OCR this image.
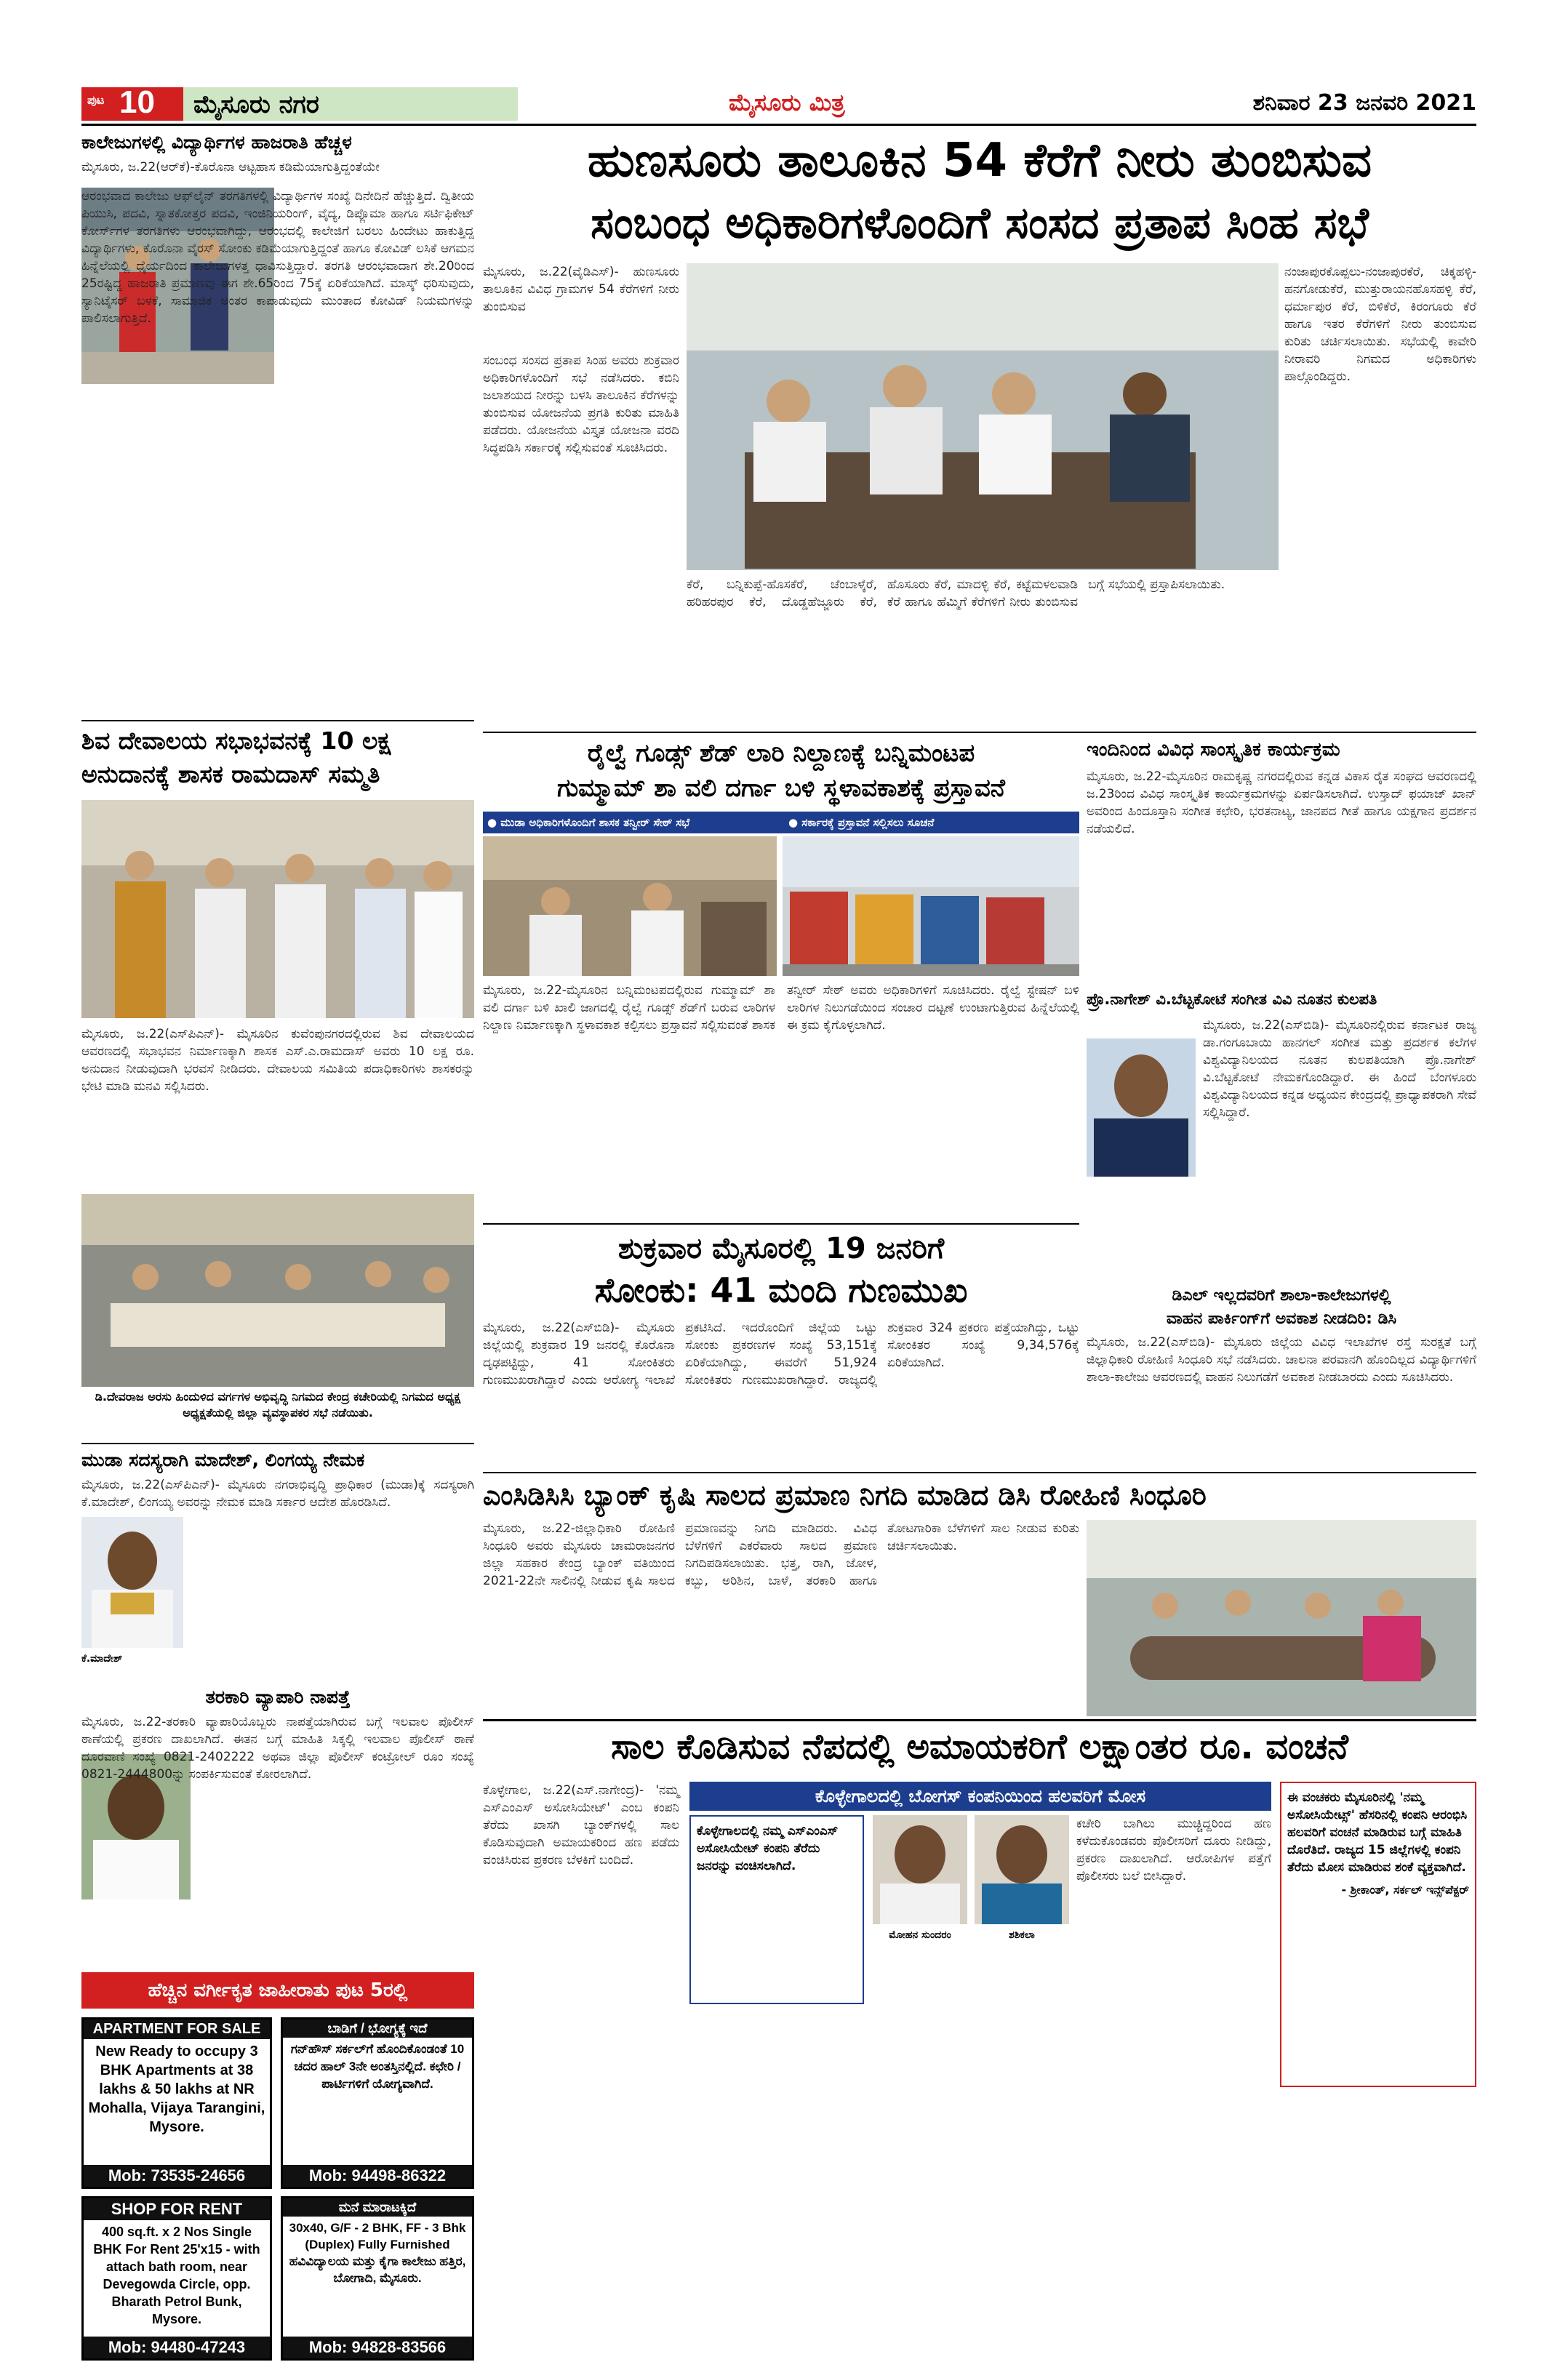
ಪುಟ 10 ಮೈಸೂರು ನಗರ	ಮೈಸೂರು ಮಿತ್ರ	ಶನಿವಾರ 23 ಜನವರಿ 2021
ಕಾಲೇಜುಗಳಲ್ಲಿ ವಿದ್ಯಾರ್ಥಿಗಳ ಹಾಜರಾತಿ ಹೆಚ್ಚಳ
ಮೈಸೂರು, ಜ.22(ಆರ್‌ಕೆ)-ಕೊರೊನಾ ಆಟ್ಟಹಾಸ ಕಡಿಮೆಯಾಗುತ್ತಿದ್ದಂತೆಯೇ
ಆರಂಭವಾದ ಕಾಲೇಜು ಆಫ್‌ಲೈನ್ ತರಗತಿಗಳಲ್ಲಿ ವಿದ್ಯಾರ್ಥಿಗಳ ಸಂಖ್ಯೆ ದಿನೇದಿನೆ ಹೆಚ್ಚುತ್ತಿದೆ. ದ್ವಿತೀಯ ಪಿಯುಸಿ, ಪದವಿ, ಸ್ನಾತಕೋತ್ತರ ಪದವಿ, ಇಂಜಿನಿಯರಿಂಗ್, ವೈದ್ಯ, ಡಿಪ್ಲೊಮಾ ಹಾಗೂ ಸರ್ಟಿಫಿಕೇಟ್ ಕೋರ್ಸ್‌ಗಳ ತರಗತಿಗಳು ಆರಂಭವಾಗಿದ್ದು, ಆರಂಭದಲ್ಲಿ ಕಾಲೇಜಿಗೆ ಬರಲು ಹಿಂದೇಟು ಹಾಕುತ್ತಿದ್ದ ವಿದ್ಯಾರ್ಥಿಗಳು, ಕೊರೊನಾ ವೈರಸ್ ಸೋಂಕು ಕಡಿಮೆಯಾಗುತ್ತಿದ್ದಂತೆ ಹಾಗೂ ಕೋವಿಡ್ ಲಸಿಕೆ ಆಗಮನ ಹಿನ್ನೆಲೆಯಲ್ಲಿ ಧೈರ್ಯದಿಂದ ಕಾಲೇಜುಗಳತ್ತ ಧಾವಿಸುತ್ತಿದ್ದಾರೆ. ತರಗತಿ ಆರಂಭವಾದಾಗ ಶೇ.20ರಿಂದ 25ರಷ್ಟಿದ್ದ ಹಾಜರಾತಿ ಪ್ರಮಾಣವು ಈಗ ಶೇ.65ರಿಂದ 75ಕ್ಕೆ ಏರಿಕೆಯಾಗಿದೆ. ಮಾಸ್ಕ್ ಧರಿಸುವುದು, ಸ್ಯಾನಿಟೈಸರ್ ಬಳಕೆ, ಸಾಮಾಜಿಕ ಅಂತರ ಕಾಪಾಡುವುದು ಮುಂತಾದ ಕೋವಿಡ್ ನಿಯಮಗಳನ್ನು ಪಾಲಿಸಲಾಗುತ್ತಿದೆ.
ಶಿವ ದೇವಾಲಯ ಸಭಾಭವನಕ್ಕೆ 10 ಲಕ್ಷ
ಅನುದಾನಕ್ಕೆ ಶಾಸಕ ರಾಮದಾಸ್ ಸಮ್ಮತಿ
ಮೈಸೂರು, ಜ.22(ಎಸ್‌ಪಿಎನ್)- ಮೈಸೂರಿನ ಕುವೆಂಪುನಗರದಲ್ಲಿರುವ ಶಿವ ದೇವಾಲಯದ ಆವರಣದಲ್ಲಿ ಸಭಾಭವನ ನಿರ್ಮಾಣಕ್ಕಾಗಿ ಶಾಸಕ ಎಸ್.ಎ.ರಾಮದಾಸ್ ಅವರು 10 ಲಕ್ಷ ರೂ. ಅನುದಾನ ನೀಡುವುದಾಗಿ ಭರವಸೆ ನೀಡಿದರು. ದೇವಾಲಯ ಸಮಿತಿಯ ಪದಾಧಿಕಾರಿಗಳು ಶಾಸಕರನ್ನು ಭೇಟಿ ಮಾಡಿ ಮನವಿ ಸಲ್ಲಿಸಿದರು.
ಡಿ.ದೇವರಾಜ ಅರಸು ಹಿಂದುಳಿದ ವರ್ಗಗಳ ಅಭಿವೃದ್ಧಿ ನಿಗಮದ ಕೇಂದ್ರ ಕಚೇರಿಯಲ್ಲಿ ನಿಗಮದ ಅಧ್ಯಕ್ಷ ಅಧ್ಯಕ್ಷತೆಯಲ್ಲಿ ಜಿಲ್ಲಾ ವ್ಯವಸ್ಥಾಪಕರ ಸಭೆ ನಡೆಯಿತು.
ಮುಡಾ ಸದಸ್ಯರಾಗಿ ಮಾದೇಶ್, ಲಿಂಗಯ್ಯ ನೇಮಕ
ಕೆ.ಮಾದೇಶ್
ಮೈಸೂರು, ಜ.22(ಎಸ್‌ಪಿಎನ್)- ಮೈಸೂರು ನಗರಾಭಿವೃದ್ಧಿ ಪ್ರಾಧಿಕಾರ (ಮುಡಾ)ಕ್ಕೆ ಸದಸ್ಯರಾಗಿ ಕೆ.ಮಾದೇಶ್, ಲಿಂಗಯ್ಯ ಅವರನ್ನು ನೇಮಕ ಮಾಡಿ ಸರ್ಕಾರ ಆದೇಶ ಹೊರಡಿಸಿದೆ.
ತರಕಾರಿ ವ್ಯಾಪಾರಿ ನಾಪತ್ತೆ
ಮೈಸೂರು, ಜ.22-ತರಕಾರಿ ವ್ಯಾಪಾರಿಯೊಬ್ಬರು ನಾಪತ್ತೆಯಾಗಿರುವ ಬಗ್ಗೆ ಇಲವಾಲ ಪೊಲೀಸ್ ಠಾಣೆಯಲ್ಲಿ ಪ್ರಕರಣ ದಾಖಲಾಗಿದೆ. ಈತನ ಬಗ್ಗೆ ಮಾಹಿತಿ ಸಿಕ್ಕಲ್ಲಿ ಇಲವಾಲ ಪೊಲೀಸ್ ಠಾಣೆ ದೂರವಾಣಿ ಸಂಖ್ಯೆ 0821-2402222 ಅಥವಾ ಜಿಲ್ಲಾ ಪೊಲೀಸ್ ಕಂಟ್ರೋಲ್ ರೂಂ ಸಂಖ್ಯೆ 0821-2444800ನ್ನು ಸಂಪರ್ಕಿಸುವಂತೆ ಕೋರಲಾಗಿದೆ.
ಹೆಚ್ಚಿನ ವರ್ಗೀಕೃತ ಜಾಹೀರಾತು ಪುಟ 5ರಲ್ಲಿ
APARTMENT FOR SALE
New Ready to occupy 3 BHK Apartments at 38 lakhs & 50 lakhs at NR Mohalla, Vijaya Tarangini, Mysore.
Mob: 73535-24656
ಬಾಡಿಗೆ / ಭೋಗ್ಯಕ್ಕೆ ಇದೆ
ಗನ್‌ಹೌಸ್ ಸರ್ಕಲ್‌ಗೆ ಹೊಂದಿಕೊಂಡಂತೆ 10 ಚದರ ಹಾಲ್ 3ನೇ ಅಂತಸ್ತಿನಲ್ಲಿದೆ. ಕಛೇರಿ / ಪಾರ್ಟಿಗಳಿಗೆ ಯೋಗ್ಯವಾಗಿದೆ.
Mob: 94498-86322
SHOP FOR RENT
400 sq.ft. x 2 Nos Single BHK For Rent 25'x15 - with attach bath room, near Devegowda Circle, opp. Bharath Petrol Bunk, Mysore.
Mob: 94480-47243
ಮನೆ ಮಾರಾಟಕ್ಕಿದೆ
30x40, G/F - 2 BHK, FF - 3 Bhk (Duplex) Fully Furnished ಹವಿವಿದ್ಯಾಲಯ ಮತ್ತು ಕೈಗಾ ಕಾಲೇಜು ಹತ್ತಿರ, ಬೋಗಾದಿ, ಮೈಸೂರು.
Mob: 94828-83566
ಹುಣಸೂರು ತಾಲೂಕಿನ 54 ಕೆರೆಗೆ ನೀರು ತುಂಬಿಸುವ
ಸಂಬಂಧ ಅಧಿಕಾರಿಗಳೊಂದಿಗೆ ಸಂಸದ ಪ್ರತಾಪ ಸಿಂಹ ಸಭೆ
ಮೈಸೂರು, ಜ.22(ವೈಡಿಎಸ್)- ಹುಣಸೂರು ತಾಲೂಕಿನ ವಿವಿಧ ಗ್ರಾಮಗಳ 54 ಕೆರೆಗಳಿಗೆ ನೀರು ತುಂಬಿಸುವ
ಸಂಬಂಧ ಸಂಸದ ಪ್ರತಾಪ ಸಿಂಹ ಅವರು ಶುಕ್ರವಾರ ಅಧಿಕಾರಿಗಳೊಂದಿಗೆ ಸಭೆ ನಡೆಸಿದರು. ಕಬಿನಿ ಜಲಾಶಯದ ನೀರನ್ನು ಬಳಸಿ ತಾಲೂಕಿನ ಕೆರೆಗಳನ್ನು ತುಂಬಿಸುವ ಯೋಜನೆಯ ಪ್ರಗತಿ ಕುರಿತು ಮಾಹಿತಿ ಪಡೆದರು. ಯೋಜನೆಯ ವಿಸ್ತೃತ ಯೋಜನಾ ವರದಿ ಸಿದ್ಧಪಡಿಸಿ ಸರ್ಕಾರಕ್ಕೆ ಸಲ್ಲಿಸುವಂತೆ ಸೂಚಿಸಿದರು.
ಕೆರೆ, ಬನ್ನಿಕುಪ್ಪೆ-ಹೊಸಕೆರೆ, ಚೆಂಬಾಳ್ಕೆರೆ, ಹರಿಹರಪುರ ಕೆರೆ, ದೊಡ್ಡಹೆಜ್ಜೂರು ಕೆರೆ, ಹೊಸೂರು ಕೆರೆ, ಮಾದಳ್ಳಿ ಕೆರೆ, ಕಟ್ಟೆಮಳಲವಾಡಿ ಕೆರೆ ಹಾಗೂ ಹೆಮ್ಮಿಗೆ ಕೆರೆಗಳಿಗೆ ನೀರು ತುಂಬಿಸುವ ಬಗ್ಗೆ ಸಭೆಯಲ್ಲಿ ಪ್ರಸ್ತಾಪಿಸಲಾಯಿತು.
ನಂಜಾಪುರಕೊಪ್ಪಲು-ನಂಜಾಪುರಕೆರೆ, ಚಿಕ್ಕಹಳ್ಳಿ-ಹನಗೋಡುಕೆರೆ, ಮುತ್ತುರಾಯನಹೊಸಹಳ್ಳಿ ಕೆರೆ, ಧರ್ಮಾಪುರ ಕೆರೆ, ಬಿಳಿಕೆರೆ, ಕಿರಂಗೂರು ಕೆರೆ ಹಾಗೂ ಇತರ ಕೆರೆಗಳಿಗೆ ನೀರು ತುಂಬಿಸುವ ಕುರಿತು ಚರ್ಚಿಸಲಾಯಿತು. ಸಭೆಯಲ್ಲಿ ಕಾವೇರಿ ನೀರಾವರಿ ನಿಗಮದ ಅಧಿಕಾರಿಗಳು ಪಾಲ್ಗೊಂಡಿದ್ದರು.
ರೈಲ್ವೆ ಗೂಡ್ಸ್ ಶೆಡ್ ಲಾರಿ ನಿಲ್ದಾಣಕ್ಕೆ ಬನ್ನಿಮಂಟಪ
ಗುಮ್ಮಾಮ್ ಶಾ ವಲಿ ದರ್ಗಾ ಬಳಿ ಸ್ಥಳಾವಕಾಶಕ್ಕೆ ಪ್ರಸ್ತಾವನೆ
● ಮುಡಾ ಅಧಿಕಾರಿಗಳೊಂದಿಗೆ ಶಾಸಕ ತನ್ವೀರ್ ಸೇಠ್ ಸಭೆ	● ಸರ್ಕಾರಕ್ಕೆ ಪ್ರಸ್ತಾವನೆ ಸಲ್ಲಿಸಲು ಸೂಚನೆ
ಮೈಸೂರು, ಜ.22-ಮೈಸೂರಿನ ಬನ್ನಿಮಂಟಪದಲ್ಲಿರುವ ಗುಮ್ಮಾಮ್ ಶಾ ವಲಿ ದರ್ಗಾ ಬಳಿ ಖಾಲಿ ಜಾಗದಲ್ಲಿ ರೈಲ್ವೆ ಗೂಡ್ಸ್ ಶೆಡ್‌ಗೆ ಬರುವ ಲಾರಿಗಳ ನಿಲ್ದಾಣ ನಿರ್ಮಾಣಕ್ಕಾಗಿ ಸ್ಥಳಾವಕಾಶ ಕಲ್ಪಿಸಲು ಪ್ರಸ್ತಾವನೆ ಸಲ್ಲಿಸುವಂತೆ ಶಾಸಕ ತನ್ವೀರ್ ಸೇಠ್ ಅವರು ಅಧಿಕಾರಿಗಳಿಗೆ ಸೂಚಿಸಿದರು. ರೈಲ್ವೆ ಸ್ಟೇಷನ್ ಬಳಿ ಲಾರಿಗಳ ನಿಲುಗಡೆಯಿಂದ ಸಂಚಾರ ದಟ್ಟಣೆ ಉಂಟಾಗುತ್ತಿರುವ ಹಿನ್ನೆಲೆಯಲ್ಲಿ ಈ ಕ್ರಮ ಕೈಗೊಳ್ಳಲಾಗಿದೆ.
ಶುಕ್ರವಾರ ಮೈಸೂರಲ್ಲಿ 19 ಜನರಿಗೆ
ಸೋಂಕು: 41 ಮಂದಿ ಗುಣಮುಖ
ಮೈಸೂರು, ಜ.22(ಎಸ್‌ಬಿಡಿ)- ಮೈಸೂರು ಜಿಲ್ಲೆಯಲ್ಲಿ ಶುಕ್ರವಾರ 19 ಜನರಲ್ಲಿ ಕೊರೊನಾ ದೃಢಪಟ್ಟಿದ್ದು, 41 ಸೋಂಕಿತರು ಗುಣಮುಖರಾಗಿದ್ದಾರೆ ಎಂದು ಆರೋಗ್ಯ ಇಲಾಖೆ ಪ್ರಕಟಿಸಿದೆ. ಇದರೊಂದಿಗೆ ಜಿಲ್ಲೆಯ ಒಟ್ಟು ಸೋಂಕು ಪ್ರಕರಣಗಳ ಸಂಖ್ಯೆ 53,151ಕ್ಕೆ ಏರಿಕೆಯಾಗಿದ್ದು, ಈವರೆಗೆ 51,924 ಸೋಂಕಿತರು ಗುಣಮುಖರಾಗಿದ್ದಾರೆ. ರಾಜ್ಯದಲ್ಲಿ ಶುಕ್ರವಾರ 324 ಪ್ರಕರಣ ಪತ್ತೆಯಾಗಿದ್ದು, ಒಟ್ಟು ಸೋಂಕಿತರ ಸಂಖ್ಯೆ 9,34,576ಕ್ಕೆ ಏರಿಕೆಯಾಗಿದೆ.
ಇಂದಿನಿಂದ ವಿವಿಧ ಸಾಂಸ್ಕೃತಿಕ ಕಾರ್ಯಕ್ರಮ
ಮೈಸೂರು, ಜ.22-ಮೈಸೂರಿನ ರಾಮಕೃಷ್ಣ ನಗರದಲ್ಲಿರುವ ಕನ್ನಡ ವಿಕಾಸ ರೈತ ಸಂಘದ ಆವರಣದಲ್ಲಿ ಜ.23ರಿಂದ ವಿವಿಧ ಸಾಂಸ್ಕೃತಿಕ ಕಾರ್ಯಕ್ರಮಗಳನ್ನು ಏರ್ಪಡಿಸಲಾಗಿದೆ. ಉಸ್ತಾದ್ ಫಯಾಜ್ ಖಾನ್ ಅವರಿಂದ ಹಿಂದೂಸ್ತಾನಿ ಸಂಗೀತ ಕಛೇರಿ, ಭರತನಾಟ್ಯ, ಜಾನಪದ ಗೀತೆ ಹಾಗೂ ಯಕ್ಷಗಾನ ಪ್ರದರ್ಶನ ನಡೆಯಲಿದೆ.
ಪ್ರೊ.ನಾಗೇಶ್ ವಿ.ಬೆಟ್ಟಕೋಟೆ ಸಂಗೀತ ವಿವಿ ನೂತನ ಕುಲಪತಿ
ಮೈಸೂರು, ಜ.22(ಎಸ್‌ಬಿಡಿ)- ಮೈಸೂರಿನಲ್ಲಿರುವ ಕರ್ನಾಟಕ ರಾಜ್ಯ ಡಾ.ಗಂಗೂಬಾಯಿ ಹಾನಗಲ್ ಸಂಗೀತ ಮತ್ತು ಪ್ರದರ್ಶಕ ಕಲೆಗಳ ವಿಶ್ವವಿದ್ಯಾನಿಲಯದ ನೂತನ ಕುಲಪತಿಯಾಗಿ ಪ್ರೊ.ನಾಗೇಶ್ ವಿ.ಬೆಟ್ಟಕೋಟೆ ನೇಮಕಗೊಂಡಿದ್ದಾರೆ. ಈ ಹಿಂದೆ ಬೆಂಗಳೂರು ವಿಶ್ವವಿದ್ಯಾನಿಲಯದ ಕನ್ನಡ ಅಧ್ಯಯನ ಕೇಂದ್ರದಲ್ಲಿ ಪ್ರಾಧ್ಯಾಪಕರಾಗಿ ಸೇವೆ ಸಲ್ಲಿಸಿದ್ದಾರೆ.
ಡಿಎಲ್ ಇಲ್ಲದವರಿಗೆ ಶಾಲಾ-ಕಾಲೇಜುಗಳಲ್ಲಿ
ವಾಹನ ಪಾರ್ಕಿಂಗ್‌ಗೆ ಅವಕಾಶ ನೀಡದಿರಿ: ಡಿಸಿ
ಮೈಸೂರು, ಜ.22(ಎಸ್‌ಬಿಡಿ)- ಮೈಸೂರು ಜಿಲ್ಲೆಯ ವಿವಿಧ ಇಲಾಖೆಗಳ ರಸ್ತೆ ಸುರಕ್ಷತೆ ಬಗ್ಗೆ ಜಿಲ್ಲಾಧಿಕಾರಿ ರೋಹಿಣಿ ಸಿಂಧೂರಿ ಸಭೆ ನಡೆಸಿದರು. ಚಾಲನಾ ಪರವಾನಗಿ ಹೊಂದಿಲ್ಲದ ವಿದ್ಯಾರ್ಥಿಗಳಿಗೆ ಶಾಲಾ-ಕಾಲೇಜು ಆವರಣದಲ್ಲಿ ವಾಹನ ನಿಲುಗಡೆಗೆ ಅವಕಾಶ ನೀಡಬಾರದು ಎಂದು ಸೂಚಿಸಿದರು.
ಎಂಸಿಡಿಸಿಸಿ ಬ್ಯಾಂಕ್ ಕೃಷಿ ಸಾಲದ ಪ್ರಮಾಣ ನಿಗದಿ ಮಾಡಿದ ಡಿಸಿ ರೋಹಿಣಿ ಸಿಂಧೂರಿ
ಮೈಸೂರು, ಜ.22-ಜಿಲ್ಲಾಧಿಕಾರಿ ರೋಹಿಣಿ ಸಿಂಧೂರಿ ಅವರು ಮೈಸೂರು ಚಾಮರಾಜನಗರ ಜಿಲ್ಲಾ ಸಹಕಾರ ಕೇಂದ್ರ ಬ್ಯಾಂಕ್ ವತಿಯಿಂದ 2021-22ನೇ ಸಾಲಿನಲ್ಲಿ ನೀಡುವ ಕೃಷಿ ಸಾಲದ ಪ್ರಮಾಣವನ್ನು ನಿಗದಿ ಮಾಡಿದರು. ವಿವಿಧ ಬೆಳೆಗಳಿಗೆ ಎಕರೆವಾರು ಸಾಲದ ಪ್ರಮಾಣ ನಿಗದಿಪಡಿಸಲಾಯಿತು. ಭತ್ತ, ರಾಗಿ, ಜೋಳ, ಕಬ್ಬು, ಅರಿಶಿನ, ಬಾಳೆ, ತರಕಾರಿ ಹಾಗೂ ತೋಟಗಾರಿಕಾ ಬೆಳೆಗಳಿಗೆ ಸಾಲ ನೀಡುವ ಕುರಿತು ಚರ್ಚಿಸಲಾಯಿತು.
ಸಾಲ ಕೊಡಿಸುವ ನೆಪದಲ್ಲಿ ಅಮಾಯಕರಿಗೆ ಲಕ್ಷಾಂತರ ರೂ. ವಂಚನೆ
ಕೊಳ್ಳೇಗಾಲ, ಜ.22(ಎಸ್.ನಾಗೇಂದ್ರ)- 'ನಮ್ಮ ಎಸ್‌ಎಂಎಸ್ ಅಸೋಸಿಯೇಟ್' ಎಂಬ ಕಂಪನಿ ತೆರೆದು ಖಾಸಗಿ ಬ್ಯಾಂಕ್‌ಗಳಲ್ಲಿ ಸಾಲ ಕೊಡಿಸುವುದಾಗಿ ಅಮಾಯಕರಿಂದ ಹಣ ಪಡೆದು ವಂಚಿಸಿರುವ ಪ್ರಕರಣ ಬೆಳಕಿಗೆ ಬಂದಿದೆ.
ಕೊಳ್ಳೇಗಾಲದಲ್ಲಿ ಬೋಗಸ್ ಕಂಪನಿಯಿಂದ ಹಲವರಿಗೆ ಮೋಸ
ಕೊಳ್ಳೇಗಾಲದಲ್ಲಿ ನಮ್ಮ ಎಸ್‌ಎಂಎಸ್ ಅಸೋಸಿಯೇಟ್ ಕಂಪನಿ ತೆರೆದು ಜನರನ್ನು ವಂಚಿಸಲಾಗಿದೆ.
ಮೋಹನ ಸುಂದರಂ	ಶಶಿಕಲಾ
ಕಚೇರಿ ಬಾಗಿಲು ಮುಚ್ಚಿದ್ದರಿಂದ ಹಣ ಕಳೆದುಕೊಂಡವರು ಪೊಲೀಸರಿಗೆ ದೂರು ನೀಡಿದ್ದು, ಪ್ರಕರಣ ದಾಖಲಾಗಿದೆ. ಆರೋಪಿಗಳ ಪತ್ತೆಗೆ ಪೊಲೀಸರು ಬಲೆ ಬೀಸಿದ್ದಾರೆ.
ಈ ವಂಚಕರು ಮೈಸೂರಿನಲ್ಲಿ 'ನಮ್ಮ ಅಸೋಸಿಯೇಟ್ಸ್' ಹೆಸರಿನಲ್ಲಿ ಕಂಪನಿ ಆರಂಭಿಸಿ ಹಲವರಿಗೆ ವಂಚನೆ ಮಾಡಿರುವ ಬಗ್ಗೆ ಮಾಹಿತಿ ದೊರೆತಿದೆ. ರಾಜ್ಯದ 15 ಜಿಲ್ಲೆಗಳಲ್ಲಿ ಕಂಪನಿ ತೆರೆದು ಮೋಸ ಮಾಡಿರುವ ಶಂಕೆ ವ್ಯಕ್ತವಾಗಿದೆ.
- ಶ್ರೀಕಾಂತ್, ಸರ್ಕಲ್ ಇನ್ಸ್‌ಪೆಕ್ಟರ್
